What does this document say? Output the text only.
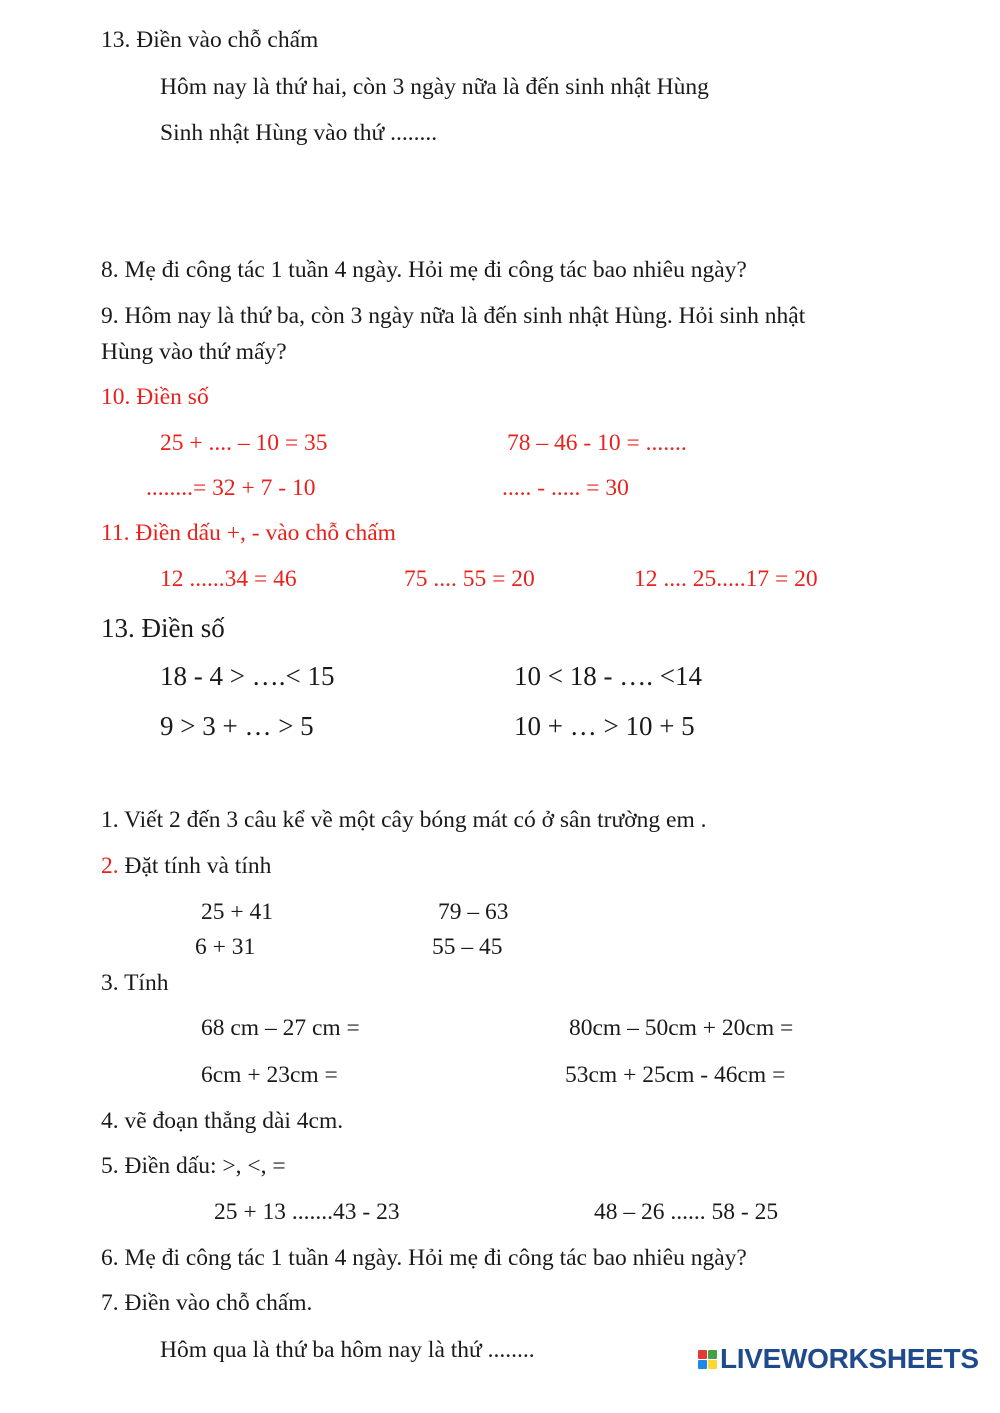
13. Điền vào chỗ chấm
Hôm nay là thứ hai, còn 3 ngày nữa là đến sinh nhật Hùng
Sinh nhật Hùng vào thứ ........
8. Mẹ đi công tác 1 tuần 4 ngày. Hỏi mẹ đi công tác bao nhiêu ngày?
9. Hôm nay là thứ ba, còn 3 ngày nữa là đến sinh nhật Hùng. Hỏi sinh nhật
Hùng vào thứ mấy?
10. Điền số
25 + .... – 10 = 35	78 – 46 - 10 = .......
........= 32 + 7 - 10	..... - ..... = 30
11. Điền dấu +, - vào chỗ chấm
12 ......34 = 46	75 .... 55 = 20	12 .... 25.....17 = 20
13. Điền số
18 - 4 > ….< 15	10 < 18 - …. <14
9 > 3 + … > 5	10 + … > 10 + 5
1. Viết 2 đến 3 câu kể về một cây bóng mát có ở sân trường em .
2. Đặt tính và tính
25 + 41	79 – 63
6 + 31	55 – 45
3. Tính
68 cm – 27 cm =	80cm – 50cm + 20cm =
6cm + 23cm =	53cm + 25cm - 46cm =
4. vẽ đoạn thẳng dài 4cm.
5. Điền dấu: >, <, =
25 + 13 .......43 - 23	48 – 26 ...... 58 - 25
6. Mẹ đi công tác 1 tuần 4 ngày. Hỏi mẹ đi công tác bao nhiêu ngày?
7. Điền vào chỗ chấm.
Hôm qua là thứ ba hôm nay là thứ ........	LIVEWORKSHEETS
